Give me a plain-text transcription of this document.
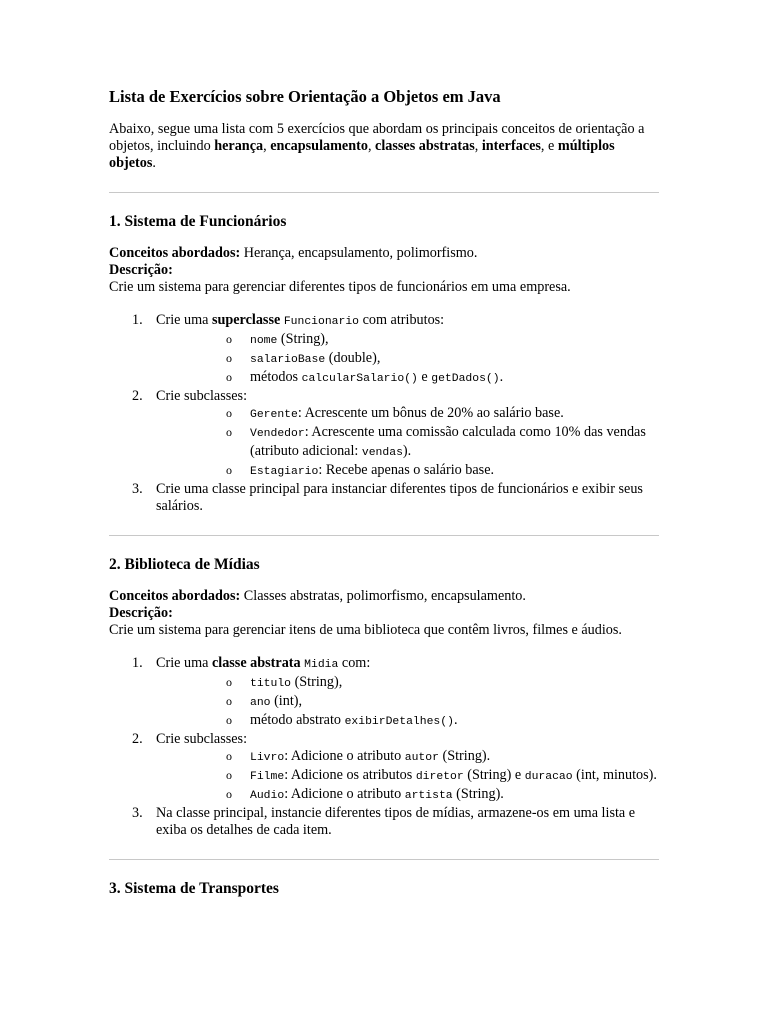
Lista de Exercícios sobre Orientação a Objetos em Java

Abaixo, segue uma lista com 5 exercícios que abordam os principais conceitos de orientação a objetos, incluindo herança, encapsulamento, classes abstratas, interfaces, e múltiplos objetos.

1. Sistema de Funcionários

Conceitos abordados: Herança, encapsulamento, polimorfismo.

Descrição:

Crie um sistema para gerenciar diferentes tipos de funcionários em uma empresa.

1. Crie uma superclasse Funcionario com atributos:
o nome (String),
o salarioBase (double),
o métodos calcularSalario() e getDados().
2. Crie subclasses:
o Gerente: Acrescente um bônus de 20% ao salário base.
o Vendedor: Acrescente uma comissão calculada como 10% das vendas (atributo adicional: vendas).
o Estagiario: Recebe apenas o salário base.
3. Crie uma classe principal para instanciar diferentes tipos de funcionários e exibir seus salários.
2. Biblioteca de Mídias

Conceitos abordados: Classes abstratas, polimorfismo, encapsulamento.

Descrição:

Crie um sistema para gerenciar itens de uma biblioteca que contêm livros, filmes e áudios.

1. Crie uma classe abstrata Midia com:
o titulo (String),
o ano (int),
o método abstrato exibirDetalhes().
2. Crie subclasses:
o Livro: Adicione o atributo autor (String).
o Filme: Adicione os atributos diretor (String) e duracao (int, minutos).
o Audio: Adicione o atributo artista (String).
3. Na classe principal, instancie diferentes tipos de mídias, armazene-os em uma lista e exiba os detalhes de cada item.
3. Sistema de Transportes
